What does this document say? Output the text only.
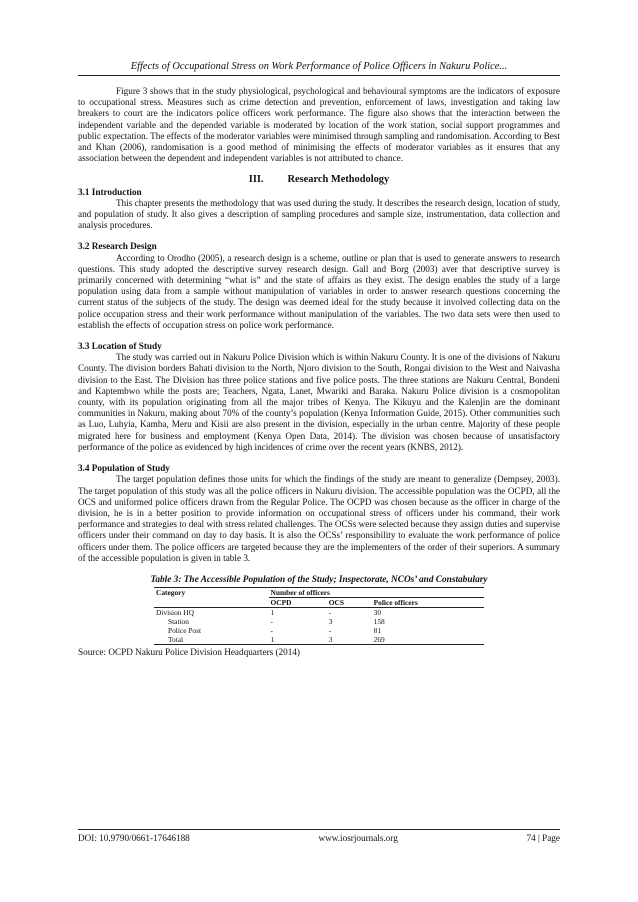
Effects of Occupational Stress on Work Performance of Police Officers in Nakuru Police...

Figure 3 shows that in the study physiological, psychological and behavioural symptoms are the indicators of exposure to occupational stress. Measures such as crime detection and prevention, enforcement of laws, investigation and taking law breakers to court are the indicators police officers work performance. The figure also shows that the interaction between the independent variable and the depended variable is moderated by location of the work station, social support programmes and public expectation. The effects of the moderator variables were minimised through sampling and randomisation. According to Best and Khan (2006), randomisation is a good method of minimising the effects of moderator variables as it ensures that any association between the dependent and independent variables is not attributed to chance.

III. Research Methodology
3.1 Introduction

This chapter presents the methodology that was used during the study. It describes the research design, location of study, and population of study. It also gives a description of sampling procedures and sample size, instrumentation, data collection and analysis procedures.

3.2 Research Design

According to Orodho (2005), a research design is a scheme, outline or plan that is used to generate answers to research questions. This study adopted the descriptive survey research design. Gall and Borg (2003) aver that descriptive survey is primarily concerned with determining “what is” and the state of affairs as they exist. The design enables the study of a large population using data from a sample without manipulation of variables in order to answer research questions concerning the current status of the subjects of the study. The design was deemed ideal for the study because it involved collecting data on the police occupation stress and their work performance without manipulation of the variables. The two data sets were then used to establish the effects of occupation stress on police work performance.

3.3 Location of Study

The study was carried out in Nakuru Police Division which is within Nakuru County. It is one of the divisions of Nakuru County. The division borders Bahati division to the North, Njoro division to the South, Rongai division to the West and Naivasha division to the East. The Division has three police stations and five police posts. The three stations are Nakuru Central, Bondeni and Kaptembwo while the posts are; Teachers, Ngata, Lanet, Mwariki and Baraka. Nakuru Police division is a cosmopolitan county, with its population originating from all the major tribes of Kenya. The Kikuyu and the Kalenjin are the dominant communities in Nakuru, making about 70% of the county’s population (Kenya Information Guide, 2015). Other communities such as Luo, Luhyia, Kamba, Meru and Kisii are also present in the division, especially in the urban centre. Majority of these people migrated here for business and employment (Kenya Open Data, 2014). The division was chosen because of unsatisfactory performance of the police as evidenced by high incidences of crime over the recent years (KNBS, 2012).

3.4 Population of Study

The target population defines those units for which the findings of the study are meant to generalize (Dempsey, 2003). The target population of this study was all the police officers in Nakuru division. The accessible population was the OCPD, all the OCS and uniformed police officers drawn from the Regular Police. The OCPD was chosen because as the officer in charge of the division, he is in a better position to provide information on occupational stress of officers under his command, their work performance and strategies to deal with stress related challenges. The OCSs were selected because they assign duties and supervise officers under their command on day to day basis. It is also the OCSs’ responsibility to evaluate the work performance of police officers under them. The police officers are targeted because they are the implementers of the order of their superiors. A summary of the accessible population is given in table 3.

Table 3: The Accessible Population of the Study; Inspectorate, NCOs’ and Constabulary
Category	Number of officers		
	OCPD	OCS	Police officers
Division HQ	1	-	30
Station	-	3	158
Police Post	-	-	81
Total	1	3	269
Source: OCPD Nakuru Police Division Headquarters (2014)
DOI: 10.9790/0661-17646188	www.iosrjournals.org	74 | Page
